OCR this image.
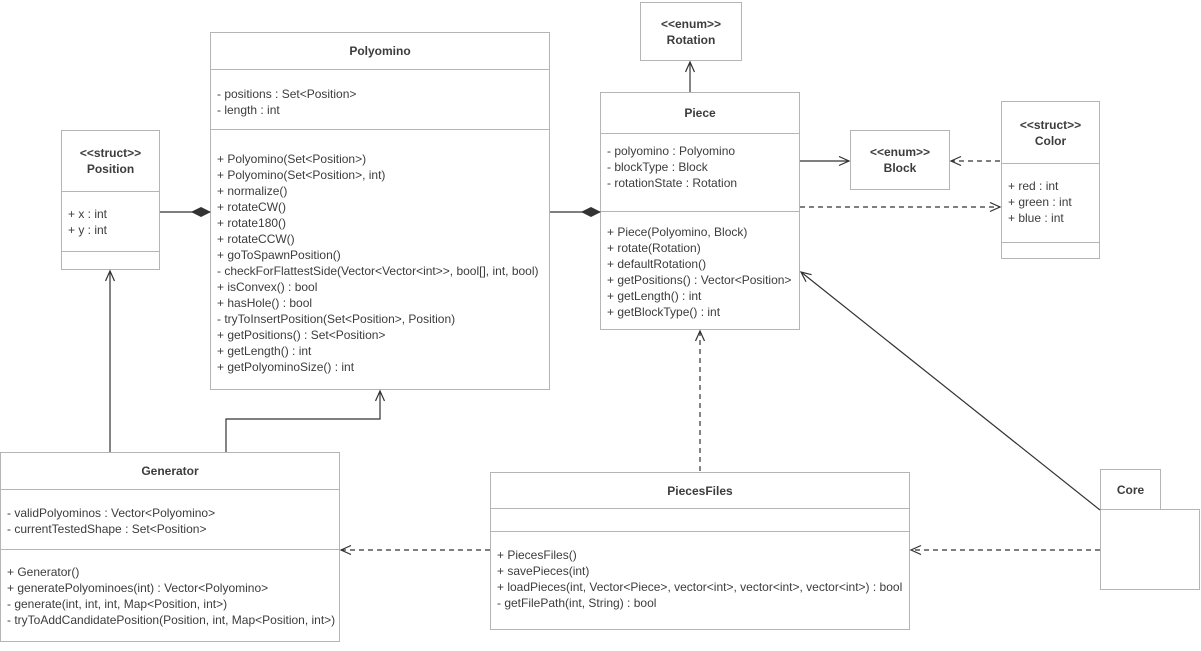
<<struct>>
Position
+ x : int
+ y : int
Polyomino
- positions : Set<Position>
- length : int
+ Polyomino(Set<Position>)
+ Polyomino(Set<Position>, int)
+ normalize()
+ rotateCW()
+ rotate180()
+ rotateCCW()
+ goToSpawnPosition()
- checkForFlattestSide(Vector<Vector<int>>, bool[], int, bool)
+ isConvex() : bool
+ hasHole() : bool
- tryToInsertPosition(Set<Position>, Position)
+ getPositions() : Set<Position>
+ getLength() : int
+ getPolyominoSize() : int
<<enum>>
Rotation
Piece
- polyomino : Polyomino
- blockType : Block
- rotationState : Rotation
+ Piece(Polyomino, Block)
+ rotate(Rotation)
+ defaultRotation()
+ getPositions() : Vector<Position>
+ getLength() : int
+ getBlockType() : int
<<enum>>
Block
<<struct>>
Color
+ red : int
+ green : int
+ blue : int
Generator
- validPolyominos : Vector<Polyomino>
- currentTestedShape : Set<Position>
+ Generator()
+ generatePolyominoes(int) : Vector<Polyomino>
- generate(int, int, int, Map<Position, int>)
- tryToAddCandidatePosition(Position, int, Map<Position, int>)
PiecesFiles
+ PiecesFiles()
+ savePieces(int)
+ loadPieces(int, Vector<Piece>, vector<int>, vector<int>, vector<int>) : bool
- getFilePath(int, String) : bool
Core
